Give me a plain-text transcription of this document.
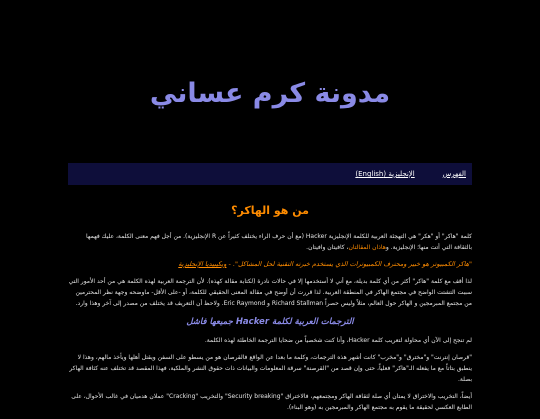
مدونة كرم عساني
الفهرس
الإنجليزية (English)
من هو الهاكر؟

كلمة "هاكر" أو "هكر" هي التهجئة العربية للكلمة الإنجليزية Hacker (مع أن حرف الراء يختلف كثيراً عن R الإنجليزية). من أجل فهم معنى الكلمة، عليك فهمها بالثقافة التي أتت منها؛ الإنجليزية. وهاذان المقالتان، كافيتان وافيتان.

"هاكر الكمبيوتر هو خبير ومحترف الكمبيوترات الذي يستخدم خبرته التقنية لحل المشاكل". - ويكيبيديا الإنجليزية

لذا أقف مع كلمة "هاكر" أكثر من أي كلمة بديلة، مع أني لا أستخدمها إلا في حالات نادرة (لكتابة مقالة كهذه). لأن الترجمة العربية لهذه الكلمة هي من أحد الأمور التي سببت التشتت الواضح في مجتمع الهاكر في المنطقة العربية. لذا قررت أن أوضح في مقالة المعنى الحقيقي للكلمة، أو -على الأقل- ماوضحه وجهة نظر المحترمين من مجتمع المبرمجين و الهاكر حول العالم، مثلاً وليس حصراً Richard Stallman و Eric Raymond. ولاحظ أن التعريف قد يختلف من مصدر إلى آخر وهذا وارد.

الترجمات العربية لكلمة Hacker جميعها فاشل

لم تنجح إلى الآن أي محاولة لتعريب كلمة Hacker، وأنا كنت شخصياً من ضحايا الترجمة الخاطئة لهذه الكلمة.

"قرصان إنترنت" و"مخترق" و"مخرب" كانت أشهر هذه الترجمات، وكلمة ما بعدا عن الواقع فالقرصان هو من يسطو على السفن ويقتل أهلها ويأخذ مالهم، وهذا لا ينطبق بتاتاً مع ما يفعله الـ"هاكر" فعلياً، حتى وإن قصد من "القرصنة" سرقة المعلومات والبيانات ذات حقوق النشر والملكية، فهذا المقصد قد تختلف عنه كثافة الهاكر بصلة.

أيضاً، التخريب والاختراق لا يمتان أي صلة لثقافة الهاكر ومجتمعهم، فالاختراق "Security breaking" والتخريب "Cracking" عملان هدميان في غالب الأحوال، على الطابع العكسي لحقيقة ما يقوم به مجتمع الهاكر والمبرمجين به (وهو البناء).
